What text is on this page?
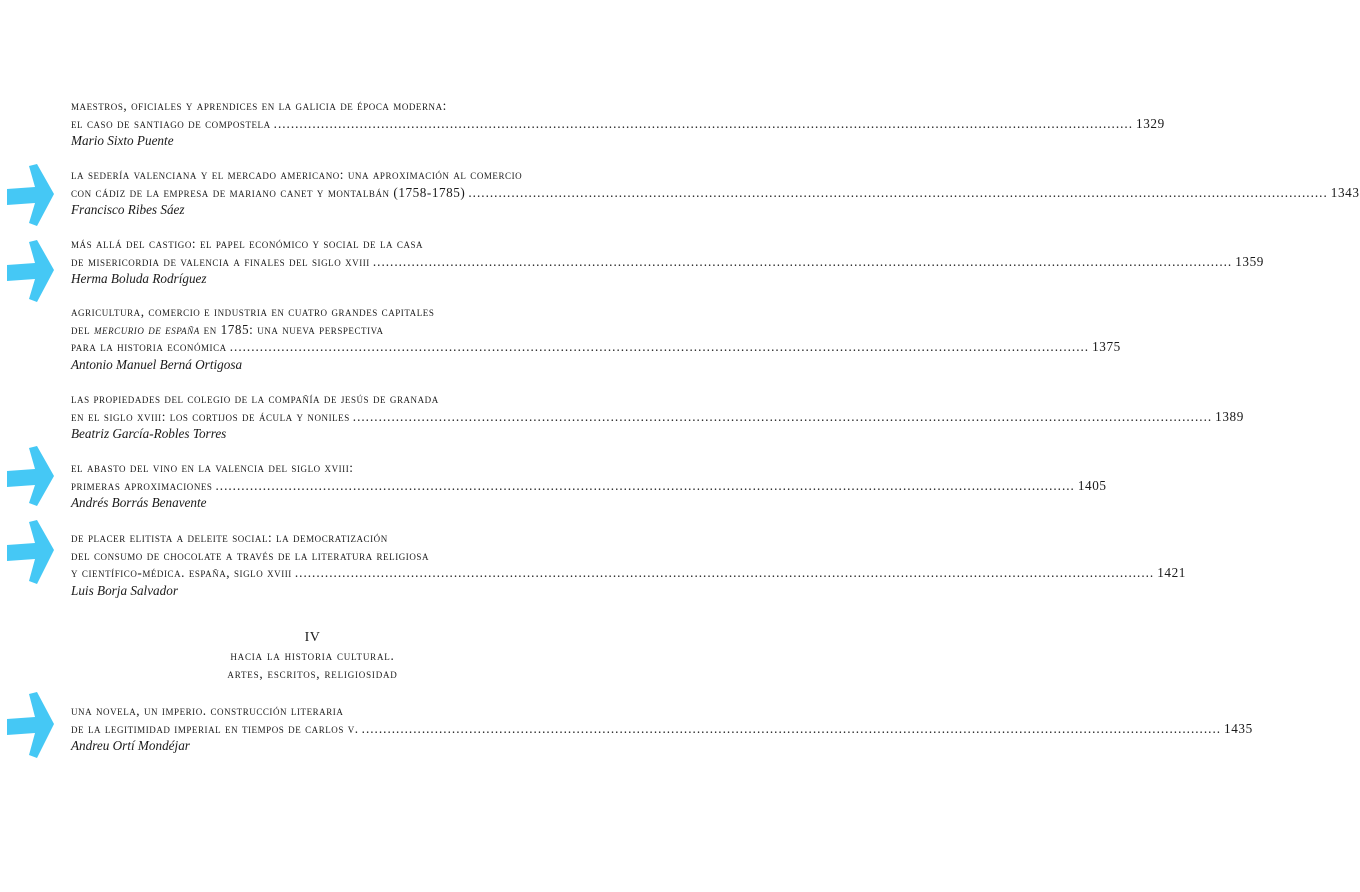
maestros, oficiales y aprendices en la galicia de época moderna:
el caso de santiago de compostela ........................................................................................................................................................................................................ 1329
Mario Sixto Puente
la sedería valenciana y el mercado americano: una aproximación al comercio
con cádiz de la empresa de mariano canet y montalbán (1758-1785) ........................................................................................................................................................................................................ 1343
Francisco Ribes Sáez
más allá del castigo: el papel económico y social de la casa
de misericordia de valencia a finales del siglo xviii ........................................................................................................................................................................................................ 1359
Herma Boluda Rodríguez
agricultura, comercio e industria en cuatro grandes capitales
del mercurio de españa en 1785: una nueva perspectiva
para la historia económica ........................................................................................................................................................................................................ 1375
Antonio Manuel Berná Ortigosa
las propiedades del colegio de la compañía de jesús de granada
en el siglo xviii: los cortijos de ácula y noniles ........................................................................................................................................................................................................ 1389
Beatriz García-Robles Torres
el abasto del vino en la valencia del siglo xviii:
primeras aproximaciones ........................................................................................................................................................................................................ 1405
Andrés Borrás Benavente
de placer elitista a deleite social: la democratización
del consumo de chocolate a través de la literatura religiosa
y científico-médica. españa, siglo xviii ........................................................................................................................................................................................................ 1421
Luis Borja Salvador
IV
hacia la historia cultural.
artes, escritos, religiosidad
una novela, un imperio. construcción literaria
de la legitimidad imperial en tiempos de carlos v. ........................................................................................................................................................................................................ 1435
Andreu Ortí Mondéjar
